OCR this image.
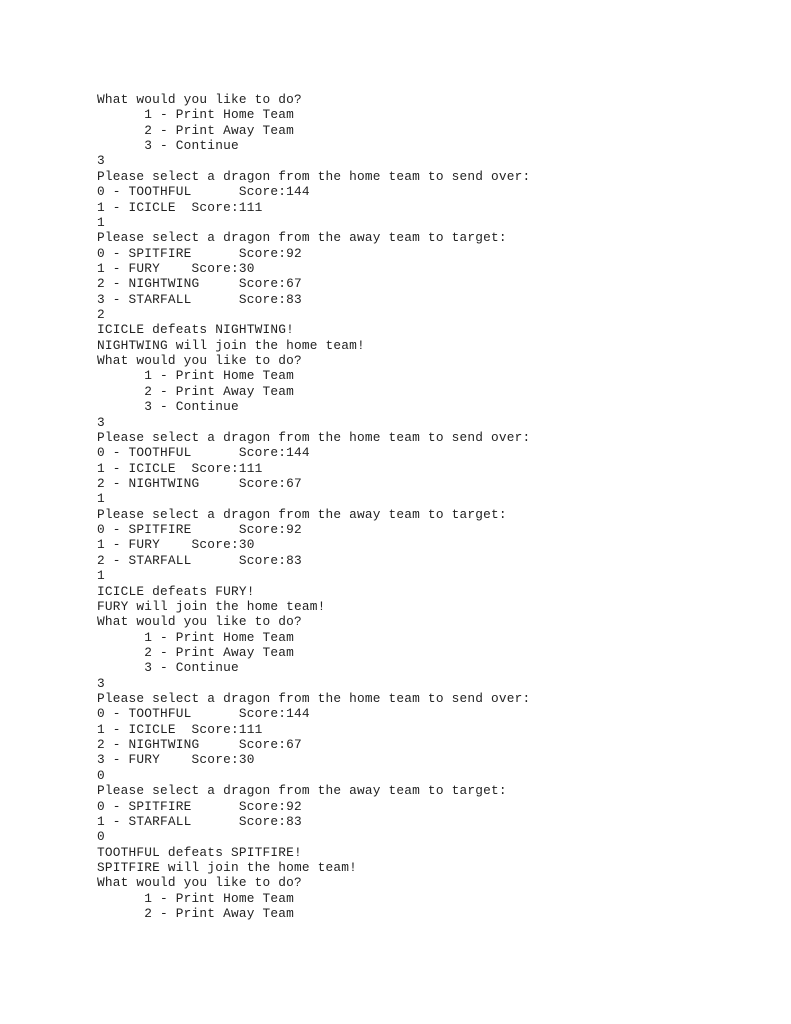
What would you like to do?
1 - Print Home Team
2 - Print Away Team
3 - Continue
3
Please select a dragon from the home team to send over:
0 - TOOTHFUL      Score:144
1 - ICICLE  Score:111
1
Please select a dragon from the away team to target:
0 - SPITFIRE      Score:92
1 - FURY    Score:30
2 - NIGHTWING     Score:67
3 - STARFALL      Score:83
2
ICICLE defeats NIGHTWING!
NIGHTWING will join the home team!
What would you like to do?
1 - Print Home Team
2 - Print Away Team
3 - Continue
3
Please select a dragon from the home team to send over:
0 - TOOTHFUL      Score:144
1 - ICICLE  Score:111
2 - NIGHTWING     Score:67
1
Please select a dragon from the away team to target:
0 - SPITFIRE      Score:92
1 - FURY    Score:30
2 - STARFALL      Score:83
1
ICICLE defeats FURY!
FURY will join the home team!
What would you like to do?
1 - Print Home Team
2 - Print Away Team
3 - Continue
3
Please select a dragon from the home team to send over:
0 - TOOTHFUL      Score:144
1 - ICICLE  Score:111
2 - NIGHTWING     Score:67
3 - FURY    Score:30
0
Please select a dragon from the away team to target:
0 - SPITFIRE      Score:92
1 - STARFALL      Score:83
0
TOOTHFUL defeats SPITFIRE!
SPITFIRE will join the home team!
What would you like to do?
1 - Print Home Team
2 - Print Away Team
